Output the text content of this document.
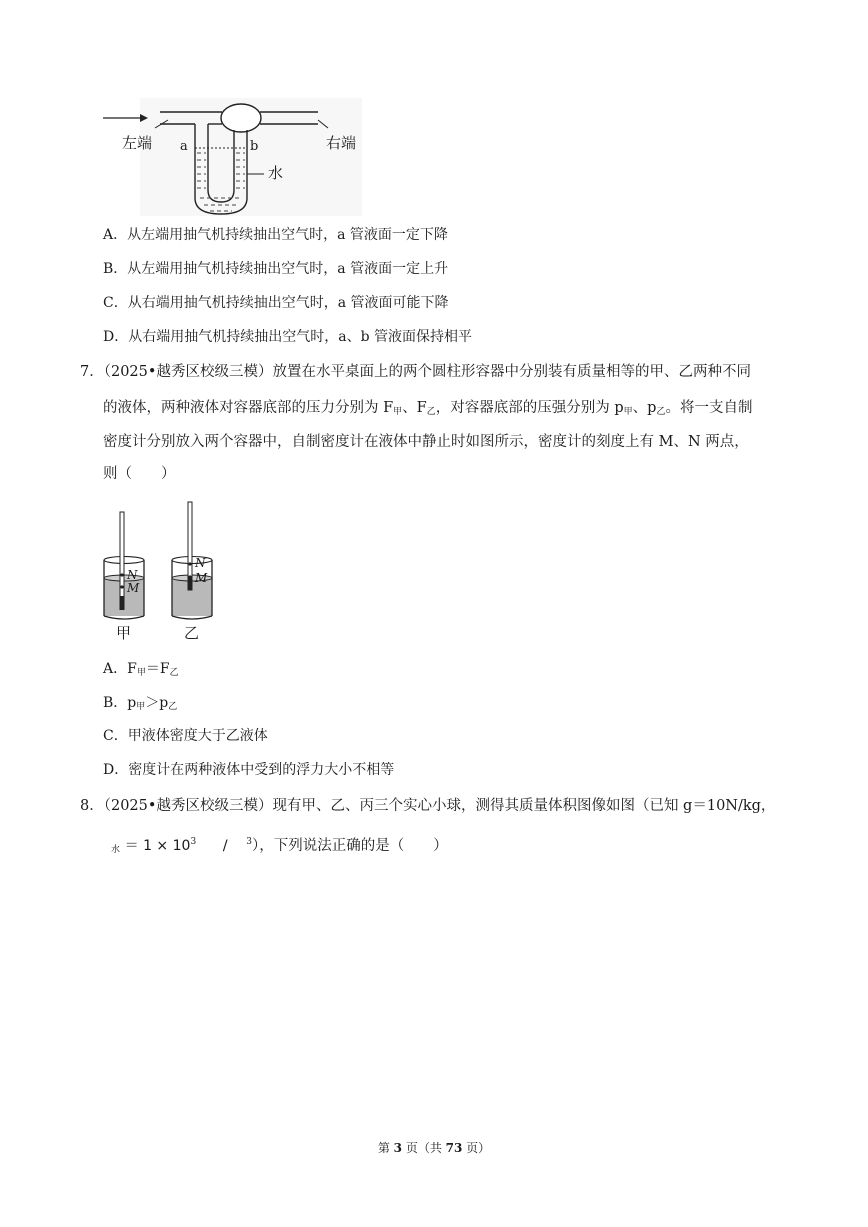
左端	右端
a	b
水
A．从左端用抽气机持续抽出空气时，a 管液面一定下降
B．从左端用抽气机持续抽出空气时，a 管液面一定上升
C．从右端用抽气机持续抽出空气时，a 管液面可能下降
D．从右端用抽气机持续抽出空气时，a、b 管液面保持相平
7．（2025•越秀区校级三模）放置在水平桌面上的两个圆柱形容器中分别装有质量相等的甲、乙两种不同
的液体，两种液体对容器底部的压力分别为 $F_甲$、$F_乙$，对容器底部的压强分别为 $p_甲$、$p_乙$。将一支自制
密度计分别放入两个容器中，自制密度计在液体中静止时如图所示，密度计的刻度上有 M、N 两点，
则（　　）
N
M
N
M
甲	乙
A．$F_甲=F_乙$
B．$p_甲>p_乙$
C．甲液体密度大于乙液体
D．密度计在两种液体中受到的浮力大小不相等
8．（2025•越秀区校级三模）现有甲、乙、丙三个实心小球，测得其质量体积图像如图（已知 g＝10N/kg，
$_水 = 1 \times 10^3 / ^3$），下列说法正确的是（　　）
第 3 页（共 73 页）
